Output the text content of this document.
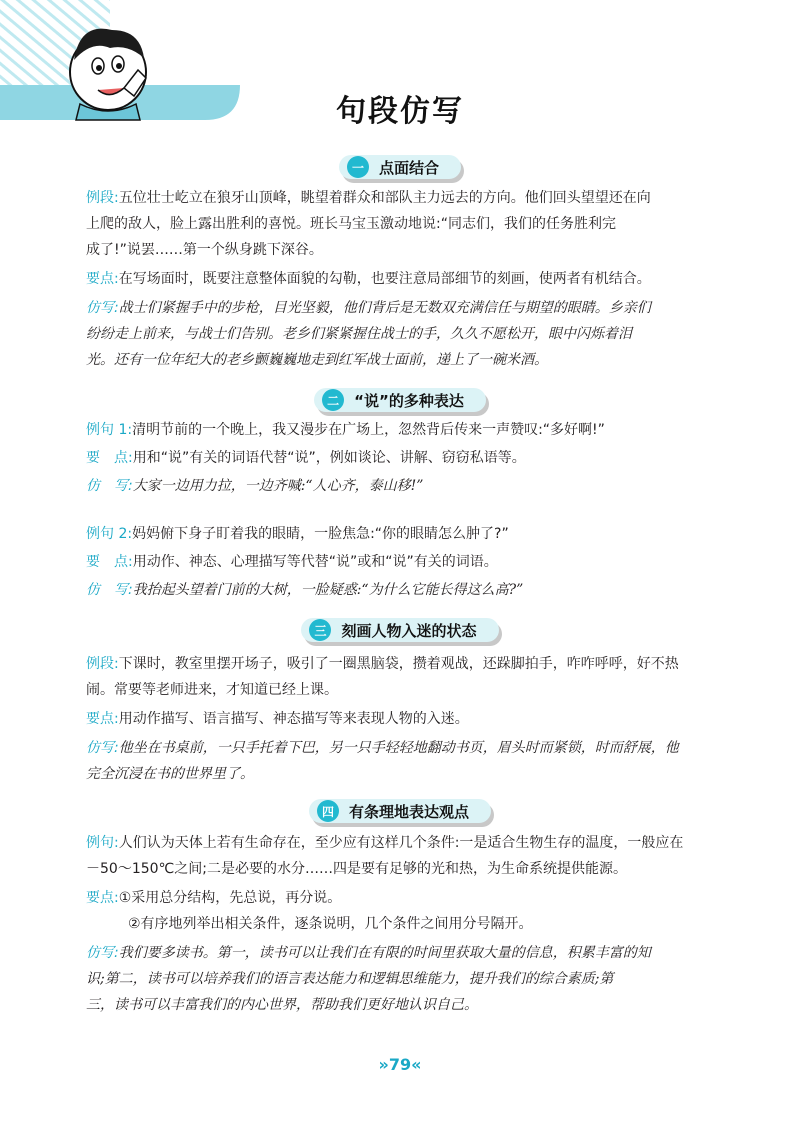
句段仿写
一	点面结合
例段:五位壮士屹立在狼牙山顶峰，眺望着群众和部队主力远去的方向。他们回头望望还在向
上爬的敌人，脸上露出胜利的喜悦。班长马宝玉激动地说:“同志们，我们的任务胜利完
成了!”说罢……第一个纵身跳下深谷。
要点:在写场面时，既要注意整体面貌的勾勒，也要注意局部细节的刻画，使两者有机结合。
仿写:战士们紧握手中的步枪，目光坚毅，他们背后是无数双充满信任与期望的眼睛。乡亲们
纷纷走上前来，与战士们告别。老乡们紧紧握住战士的手，久久不愿松开，眼中闪烁着泪
光。还有一位年纪大的老乡颤巍巍地走到红军战士面前，递上了一碗米酒。
二	“说”的多种表达
例句 1:清明节前的一个晚上，我又漫步在广场上，忽然背后传来一声赞叹:“多好啊!”
要　点:用和“说”有关的词语代替“说”，例如谈论、讲解、窃窃私语等。
仿　写:大家一边用力拉，一边齐喊:“人心齐，泰山移!”
例句 2:妈妈俯下身子盯着我的眼睛，一脸焦急:“你的眼睛怎么肿了?”
要　点:用动作、神态、心理描写等代替“说”或和“说”有关的词语。
仿　写:我抬起头望着门前的大树，一脸疑惑:“为什么它能长得这么高?”
三	刻画人物入迷的状态
例段:下课时，教室里摆开场子，吸引了一圈黑脑袋，攒着观战，还跺脚拍手，咋咋呼呼，好不热
闹。常要等老师进来，才知道已经上课。
要点:用动作描写、语言描写、神态描写等来表现人物的入迷。
仿写:他坐在书桌前，一只手托着下巴，另一只手轻轻地翻动书页，眉头时而紧锁，时而舒展，他
完全沉浸在书的世界里了。
四	有条理地表达观点
例句:人们认为天体上若有生命存在，至少应有这样几个条件:一是适合生物生存的温度，一般应在
－50～150℃之间;二是必要的水分……四是要有足够的光和热，为生命系统提供能源。
要点:①采用总分结构，先总说，再分说。
②有序地列举出相关条件，逐条说明，几个条件之间用分号隔开。
仿写:我们要多读书。第一，读书可以让我们在有限的时间里获取大量的信息，积累丰富的知
识;第二，读书可以培养我们的语言表达能力和逻辑思维能力，提升我们的综合素质;第
三，读书可以丰富我们的内心世界，帮助我们更好地认识自己。
»79«
